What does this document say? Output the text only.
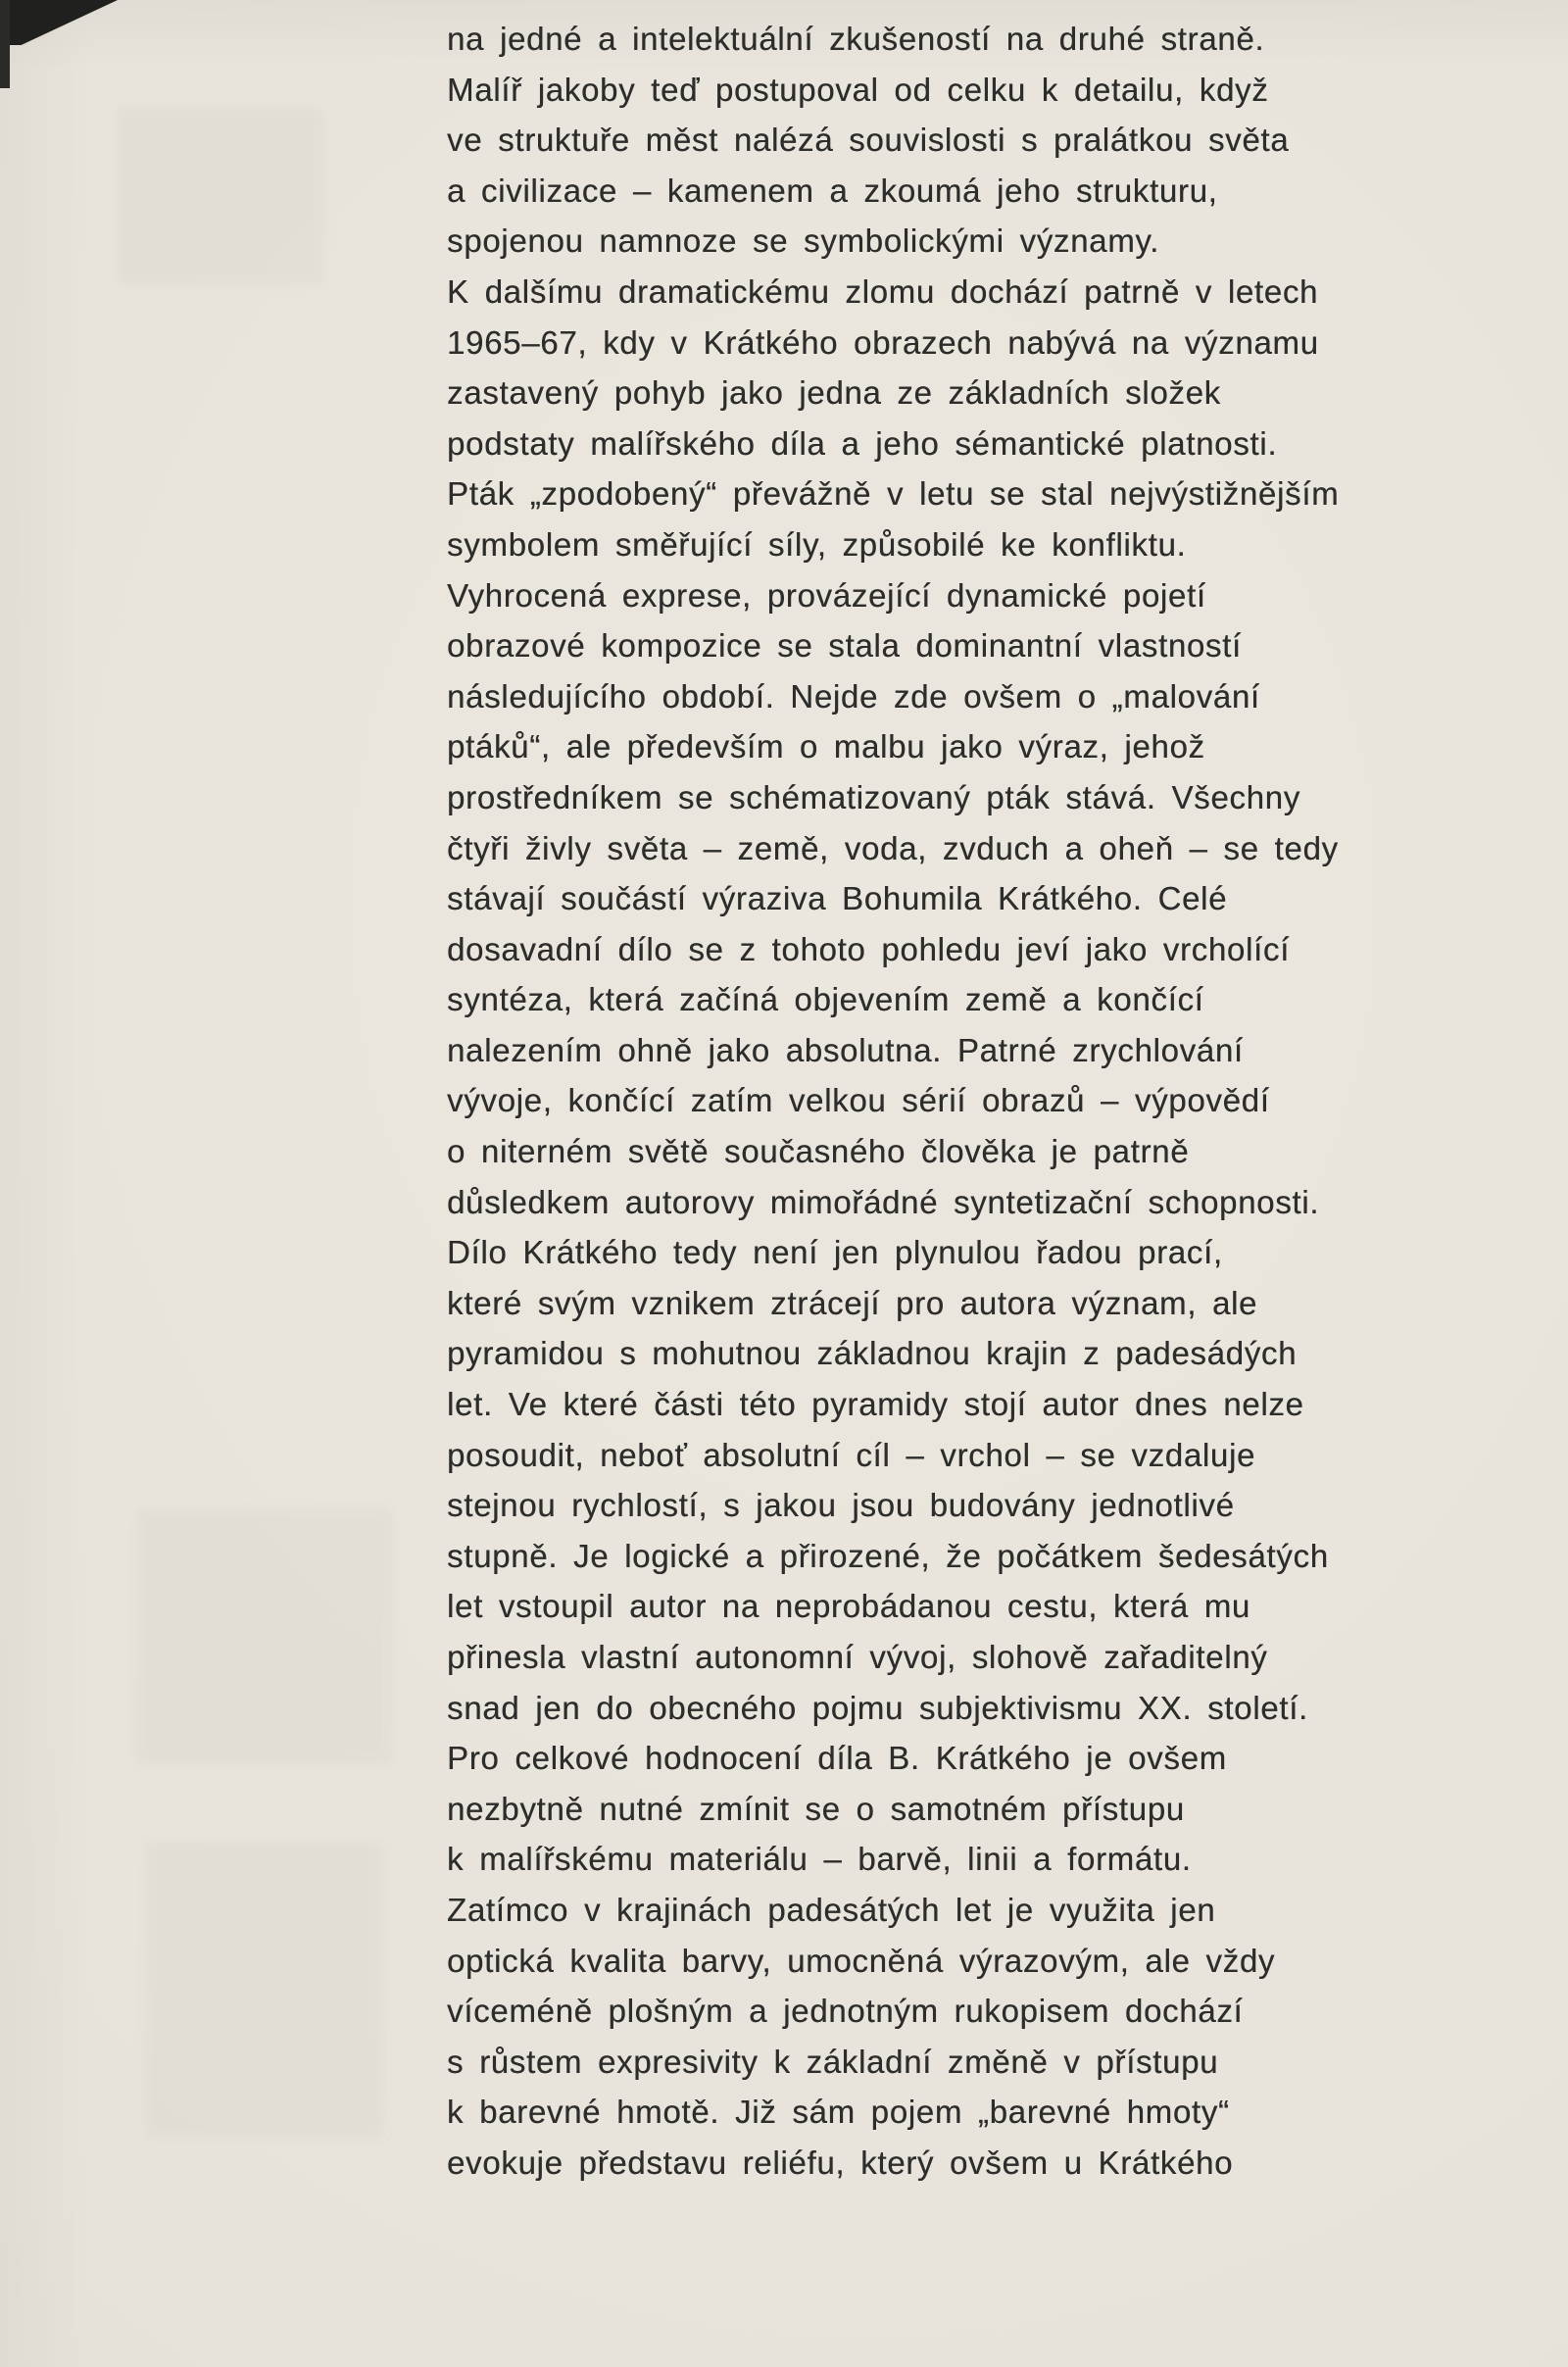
na jedné a intelektuální zkušeností na druhé straně.

Malíř jakoby teď postupoval od celku k detailu, když

ve struktuře měst nalézá souvislosti s pralátkou světa

a civilizace – kamenem a zkoumá jeho strukturu,

spojenou namnoze se symbolickými významy.

K dalšímu dramatickému zlomu dochází patrně v letech

1965–67, kdy v Krátkého obrazech nabývá na významu

zastavený pohyb jako jedna ze základních složek

podstaty malířského díla a jeho sémantické platnosti.

Pták „zpodobený“ převážně v letu se stal nejvýstižnějším

symbolem směřující síly, způsobilé ke konfliktu.

Vyhrocená exprese, provázející dynamické pojetí

obrazové kompozice se stala dominantní vlastností

následujícího období. Nejde zde ovšem o „malování

ptáků“, ale především o malbu jako výraz, jehož

prostředníkem se schématizovaný pták stává. Všechny

čtyři živly světa – země, voda, zvduch a oheň – se tedy

stávají součástí výraziva Bohumila Krátkého. Celé

dosavadní dílo se z tohoto pohledu jeví jako vrcholící

syntéza, která začíná objevením země a končící

nalezením ohně jako absolutna. Patrné zrychlování

vývoje, končící zatím velkou sérií obrazů – výpovědí

o niterném světě současného člověka je patrně

důsledkem autorovy mimořádné syntetizační schopnosti.

Dílo Krátkého tedy není jen plynulou řadou prací,

které svým vznikem ztrácejí pro autora význam, ale

pyramidou s mohutnou základnou krajin z padesádých

let. Ve které části této pyramidy stojí autor dnes nelze

posoudit, neboť absolutní cíl – vrchol – se vzdaluje

stejnou rychlostí, s jakou jsou budovány jednotlivé

stupně. Je logické a přirozené, že počátkem šedesátých

let vstoupil autor na neprobádanou cestu, která mu

přinesla vlastní autonomní vývoj, slohově zařaditelný

snad jen do obecného pojmu subjektivismu XX. století.

Pro celkové hodnocení díla B. Krátkého je ovšem

nezbytně nutné zmínit se o samotném přístupu

k malířskému materiálu – barvě, linii a formátu.

Zatímco v krajinách padesátých let je využita jen

optická kvalita barvy, umocněná výrazovým, ale vždy

víceméně plošným a jednotným rukopisem dochází

s růstem expresivity k základní změně v přístupu

k barevné hmotě. Již sám pojem „barevné hmoty“

evokuje představu reliéfu, který ovšem u Krátkého
